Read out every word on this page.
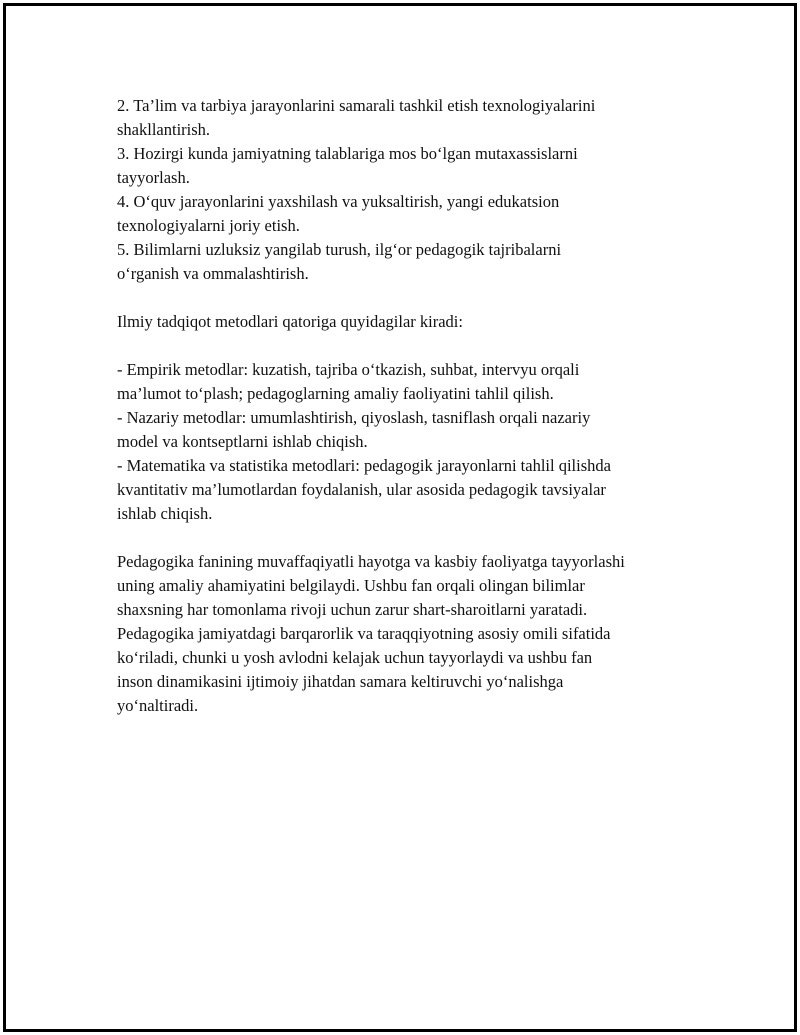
2. Ta’lim va tarbiya jarayonlarini samarali tashkil etish texnologiyalarini
shakllantirish.
3. Hozirgi kunda jamiyatning talablariga mos bo‘lgan mutaxassislarni
tayyorlash.
4. O‘quv jarayonlarini yaxshilash va yuksaltirish, yangi edukatsion
texnologiyalarni joriy etish.
5. Bilimlarni uzluksiz yangilab turush, ilg‘or pedagogik tajribalarni
o‘rganish va ommalashtirish.
Ilmiy tadqiqot metodlari qatoriga quyidagilar kiradi:
- Empirik metodlar: kuzatish, tajriba o‘tkazish, suhbat, intervyu orqali
ma’lumot to‘plash; pedagoglarning amaliy faoliyatini tahlil qilish.
- Nazariy metodlar: umumlashtirish, qiyoslash, tasniflash orqali nazariy
model va kontseptlarni ishlab chiqish.
- Matematika va statistika metodlari: pedagogik jarayonlarni tahlil qilishda
kvantitativ ma’lumotlardan foydalanish, ular asosida pedagogik tavsiyalar
ishlab chiqish.
Pedagogika fanining muvaffaqiyatli hayotga va kasbiy faoliyatga tayyorlashi
uning amaliy ahamiyatini belgilaydi. Ushbu fan orqali olingan bilimlar
shaxsning har tomonlama rivoji uchun zarur shart-sharoitlarni yaratadi.
Pedagogika jamiyatdagi barqarorlik va taraqqiyotning asosiy omili sifatida
ko‘riladi, chunki u yosh avlodni kelajak uchun tayyorlaydi va ushbu fan
inson dinamikasini ijtimoiy jihatdan samara keltiruvchi yo‘nalishga
yo‘naltiradi.
